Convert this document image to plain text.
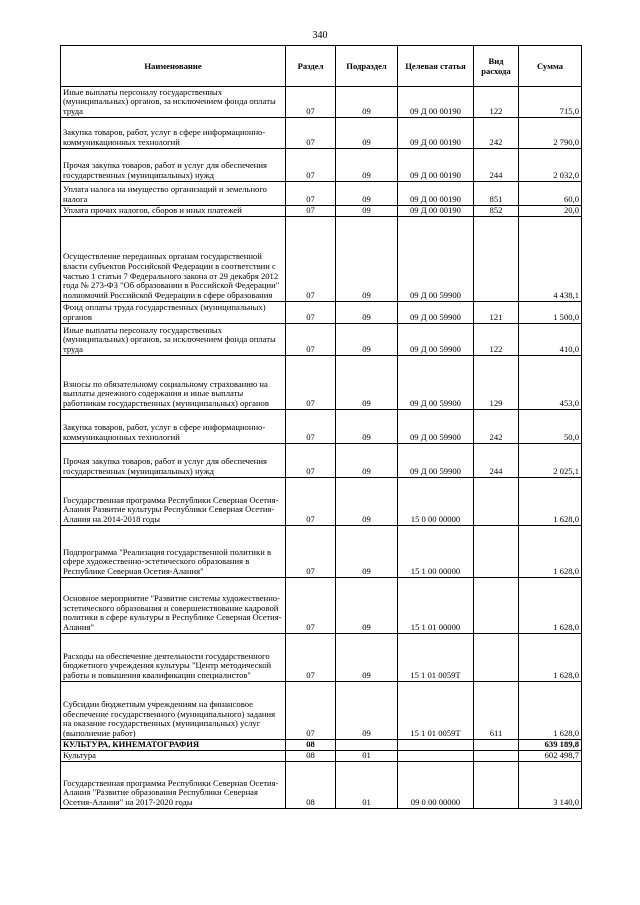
340
Наименование	Раздел	Подраздел	Целевая статья	Вид расхода	Сумма
Иные выплаты персоналу государственных (муниципальных) органов, за исключением фонда оплаты труда	07	09	09 Д 00 00190	122	715,0
Закупка товаров, работ, услуг в сфере информационно-коммуникационных технологий	07	09	09 Д 00 00190	242	2 790,0
Прочая закупка товаров, работ и услуг для обеспечения государственных (муниципальных) нужд	07	09	09 Д 00 00190	244	2 032,0
Уплата налога на имущество организаций и земельного налога	07	09	09 Д 00 00190	851	60,0
Уплата прочих налогов, сборов и иных платежей	07	09	09 Д 00 00190	852	20,0
Осуществление переданных органам государственной власти субъектов Российской Федерации в соответствии с частью 1 статьи 7 Федерального закона от 29 декабря 2012 года № 273-ФЗ "Об образовании в Российской Федерации" полномочий Российской Федерации в сфере образования	07	09	09 Д 00 59900		4 438,1
Фонд оплаты труда государственных (муниципальных) органов	07	09	09 Д 00 59900	121	1 500,0
Иные выплаты персоналу государственных (муниципальных) органов, за исключением фонда оплаты труда	07	09	09 Д 00 59900	122	410,0
Взносы по обязательному социальному страхованию на выплаты денежного содержания и иные выплаты работникам государственных (муниципальных) органов	07	09	09 Д 00 59900	129	453,0
Закупка товаров, работ, услуг в сфере информационно-коммуникационных технологий	07	09	09 Д 00 59900	242	50,0
Прочая закупка товаров, работ и услуг для обеспечения государственных (муниципальных) нужд	07	09	09 Д 00 59900	244	2 025,1
Государственная программа Республики Северная Осетия-Алания Развитие культуры Республики Северная Осетия-Алания на 2014-2018 годы	07	09	15 0 00 00000		1 628,0
Подпрограмма "Реализация государственной политики в сфере художественно-эстетического образования в Республике Северная Осетия-Алания"	07	09	15 1 00 00000		1 628,0
Основное мероприятие "Развитие системы художественно-эстетического образования и совершенствование кадровой политики в сфере культуры в Республике Северная Осетия-Алания"	07	09	15 1 01 00000		1 628,0
Расходы на обеспечение деятельности государственного бюджетного учреждения культуры "Центр методической работы и повышения квалификации специалистов"	07	09	15 1 01 0059Т		1 628,0
Субсидии бюджетным учреждениям на финансовое обеспечение государственного (муниципального) задания на оказание государственных (муниципальных) услуг (выполнение работ)	07	09	15 1 01 0059Т	611	1 628,0
КУЛЬТУРА, КИНЕМАТОГРАФИЯ	08				639 189,8
Культура	08	01			602 498,7
Государственная программа Республики Северная Осетия-Алания "Развитие образования Республики Северная Осетия-Алания" на 2017-2020 годы	08	01	09 0 00 00000		3 140,0
